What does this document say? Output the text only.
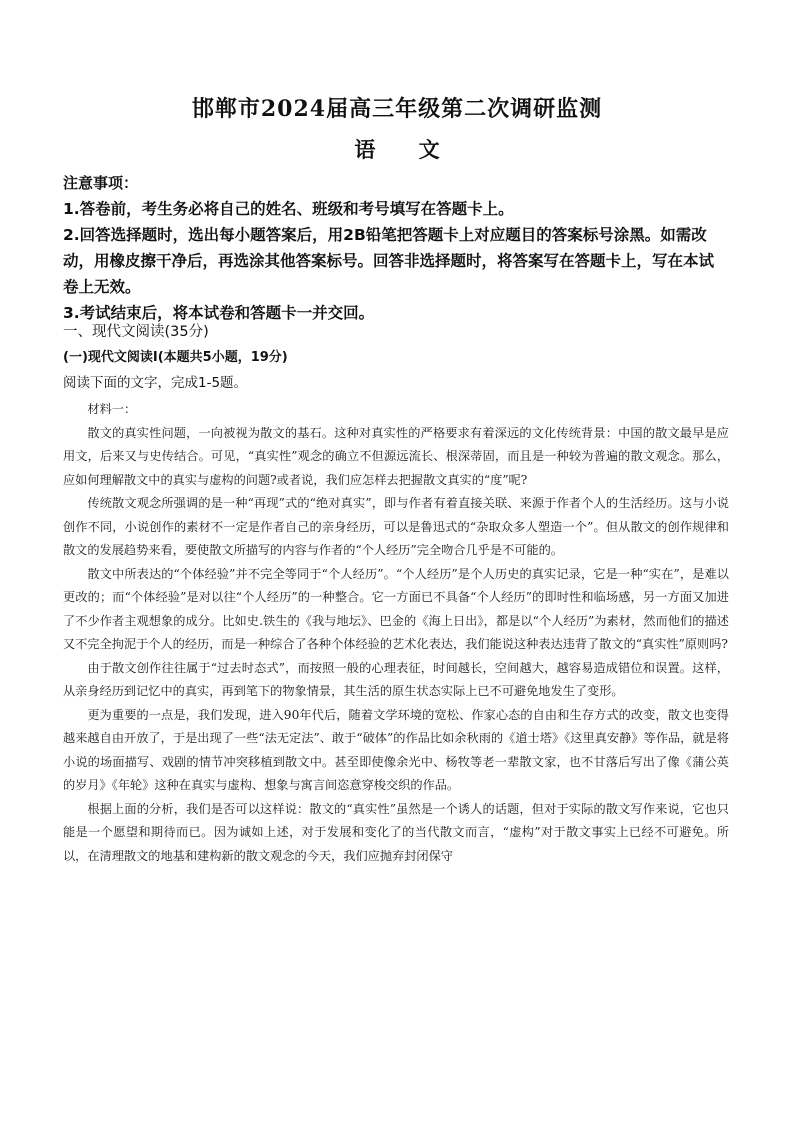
邯郸市2024届高三年级第二次调研监测
语 文
注意事项：

1.答卷前，考生务必将自己的姓名、班级和考号填写在答题卡上。

2.回答选择题时，选出每小题答案后，用2B铅笔把答题卡上对应题目的答案标号涂黑。如需改动，用橡皮擦干净后，再选涂其他答案标号。回答非选择题时，将答案写在答题卡上，写在本试卷上无效。

3.考试结束后，将本试卷和答题卡一并交回。

一、现代文阅读(35分)
(一)现代文阅读Ⅰ(本题共5小题，19分)
阅读下面的文字，完成1-5题。

材料一：

散文的真实性问题，一向被视为散文的基石。这种对真实性的严格要求有着深远的文化传统背景：中国的散文最早是应用文，后来又与史传结合。可见，“真实性”观念的确立不但源远流长、根深蒂固，而且是一种较为普遍的散文观念。那么，应如何理解散文中的真实与虚构的问题?或者说，我们应怎样去把握散文真实的“度”呢?

传统散文观念所强调的是一种“再现”式的“绝对真实”，即与作者有着直接关联、来源于作者个人的生活经历。这与小说创作不同，小说创作的素材不一定是作者自己的亲身经历，可以是鲁迅式的“杂取众多人塑造一个”。但从散文的创作规律和散文的发展趋势来看，要使散文所描写的内容与作者的“个人经历”完全吻合几乎是不可能的。

散文中所表达的“个体经验”并不完全等同于“个人经历”。“个人经历”是个人历史的真实记录，它是一种“实在”，是难以更改的；而“个体经验”是对以往“个人经历”的一种整合。它一方面已不具备“个人经历”的即时性和临场感，另一方面又加进了不少作者主观想象的成分。比如史.铁生的《我与地坛》、巴金的《海上日出》，都是以“个人经历”为素材，然而他们的描述又不完全拘泥于个人的经历，而是一种综合了各种个体经验的艺术化表达，我们能说这种表达违背了散文的“真实性”原则吗?

由于散文创作往往属于“过去时态式”，而按照一般的心理表征，时间越长，空间越大，越容易造成错位和误置。这样，从亲身经历到记忆中的真实，再到笔下的物象情景，其生活的原生状态实际上已不可避免地发生了变形。

更为重要的一点是，我们发现，进入90年代后，随着文学环境的宽松、作家心态的自由和生存方式的改变，散文也变得越来越自由开放了，于是出现了一些“法无定法”、敢于“破体”的作品比如余秋雨的《道士塔》《这里真安静》等作品，就是将小说的场面描写、戏剧的情节冲突移植到散文中。甚至即使像余光中、杨牧等老一辈散文家，也不甘落后写出了像《蒲公英的岁月》《年轮》这种在真实与虚构、想象与寓言间恣意穿梭交织的作品。

根据上面的分析，我们是否可以这样说：散文的“真实性”虽然是一个诱人的话题，但对于实际的散文写作来说，它也只能是一个愿望和期待而已。因为诚如上述，对于发展和变化了的当代散文而言，“虚构”对于散文事实上已经不可避免。所以，在清理散文的地基和建构新的散文观念的今天，我们应抛弃封闭保守
